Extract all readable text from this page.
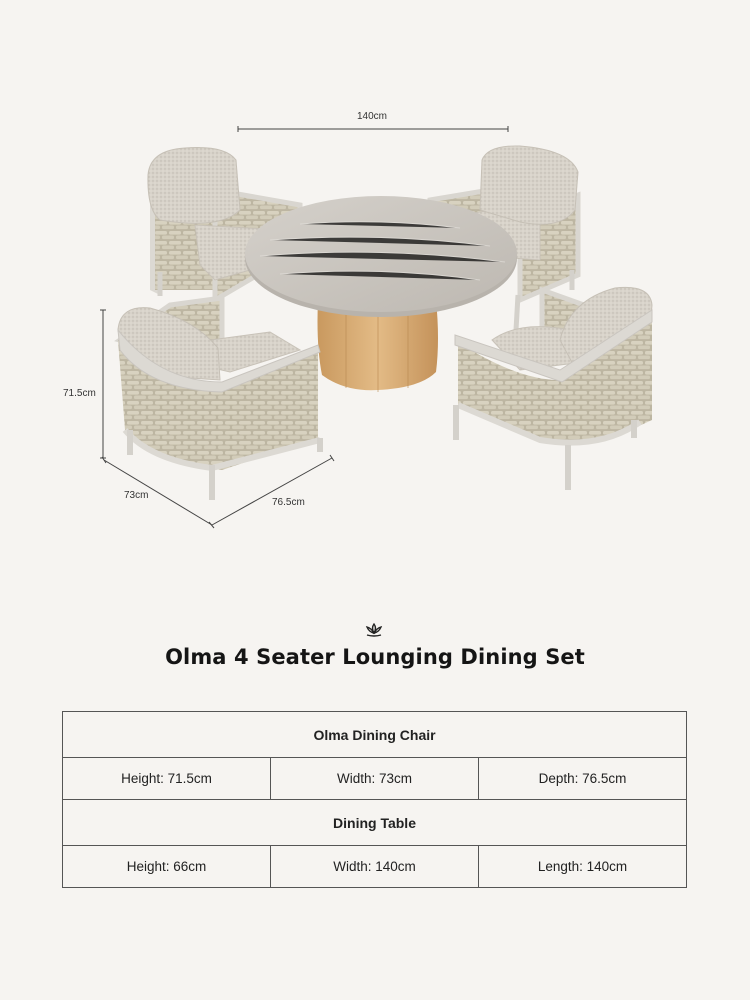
140cm
71.5cm
73cm
76.5cm
Olma 4 Seater Lounging Dining Set
Olma Dining Chair		
Height: 71.5cm	Width: 73cm	Depth: 76.5cm
Dining Table		
Height: 66cm	Width: 140cm	Length: 140cm
